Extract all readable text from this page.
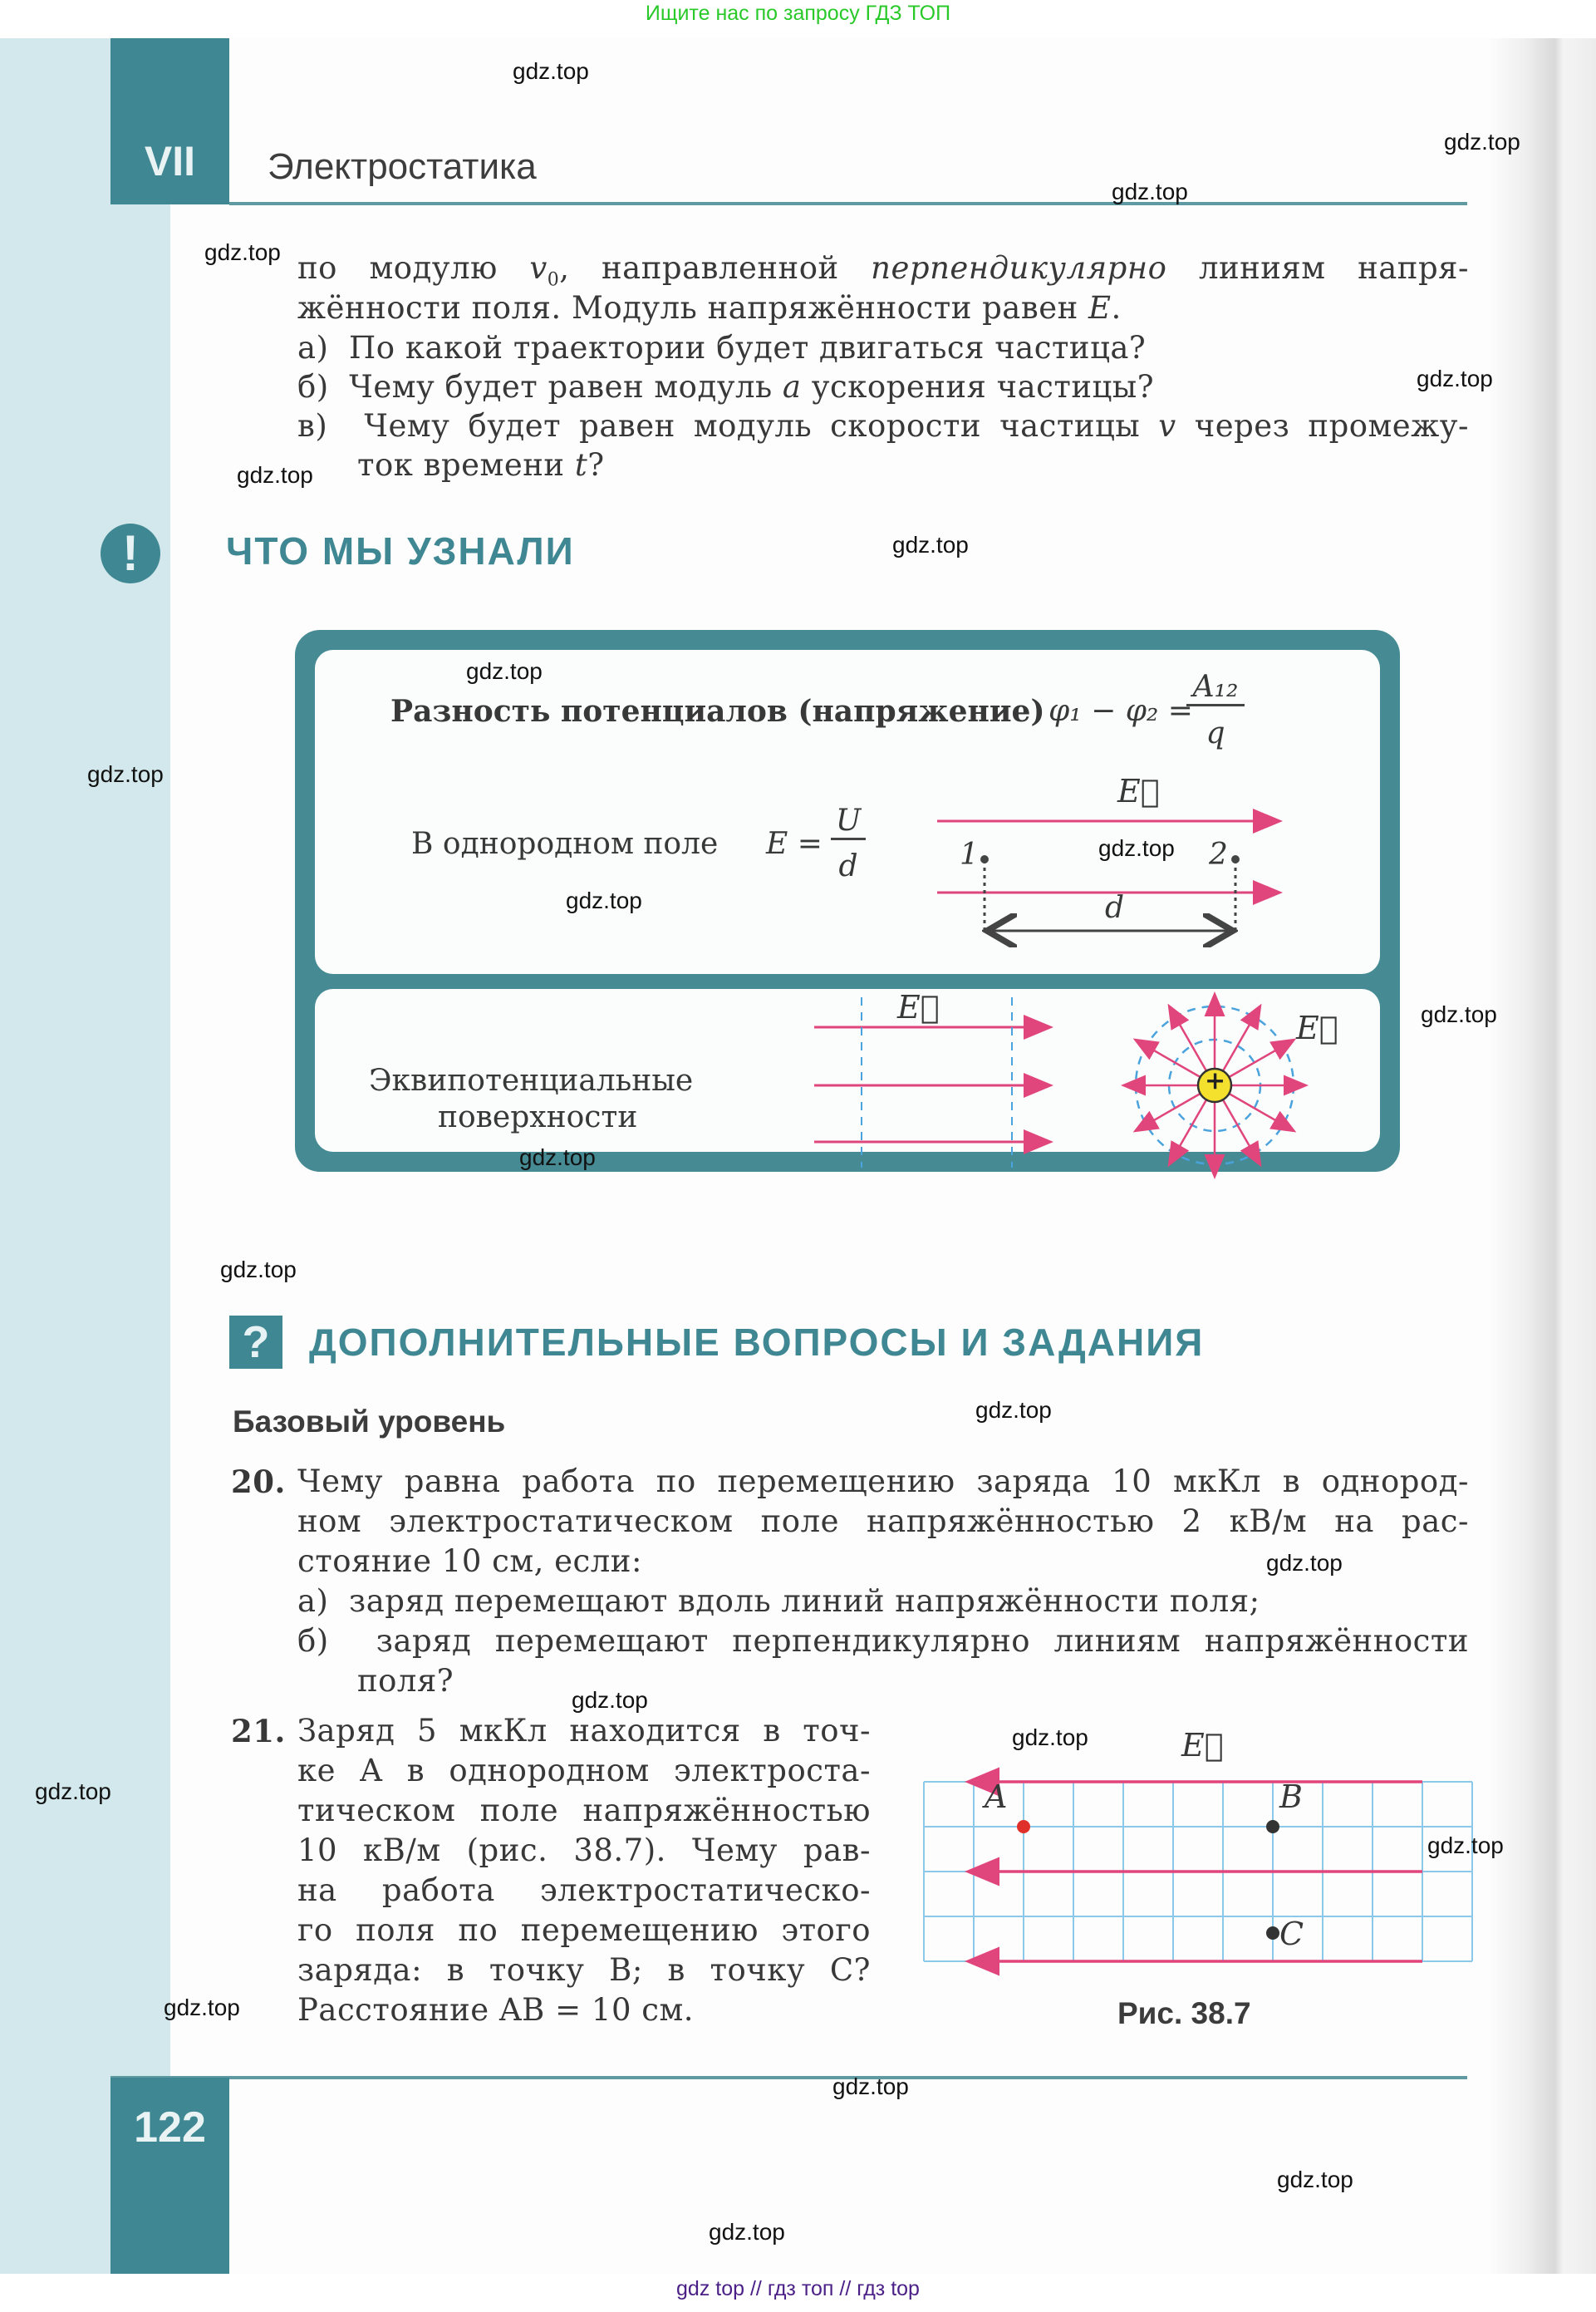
Ищите нас по запросу ГДЗ ТОП
VII	Электростатика
по модулю $v_0$, направленной перпендикулярно линиям напря-
жённости поля. Модуль напряжённости равен E.
а) По какой траектории будет двигаться частица?
б) Чему будет равен модуль a ускорения частицы?
в) Чему будет равен модуль скорости частицы v через промежу-
ток времени t?
!	ЧТО МЫ УЗНАЛИ
Разность потенциалов (напряжение) φ₁ − φ₂ =
A₁₂
q
В однородном поле E =
U
d
E⃗
1	2
d
Эквипотенциальные
поверхности
E⃗
E⃗
+
?	ДОПОЛНИТЕЛЬНЫЕ ВОПРОСЫ И ЗАДАНИЯ
Базовый уровень
20. Чему равна работа по перемещению заряда 10 мкКл в однород-
ном электростатическом поле напряжённостью 2 кВ/м на рас-
стояние 10 см, если:
а) заряд перемещают вдоль линий напряжённости поля;
б) заряд перемещают перпендикулярно линиям напряжённости
поля?
21. Заряд 5 мкКл находится в точ-
ке A в однородном электроста-
тическом поле напряжённостью
10 кВ/м (рис. 38.7). Чему рав-
на работа электростатическо-
го поля по перемещению этого
заряда: в точку B; в точку C?
Расстояние AB = 10 см.
E⃗
A	B
C
Рис. 38.7
122
gdz top // гдз топ // гдз top
gdz.top
gdz.top
gdz.top
gdz.top
gdz.top
gdz.top
gdz.top
gdz.top
gdz.top
gdz.top
gdz.top
gdz.top
gdz.top
gdz.top
gdz.top
gdz.top
gdz.top
gdz.top
gdz.top
gdz.top
gdz.top
gdz.top
gdz.top
gdz.top
